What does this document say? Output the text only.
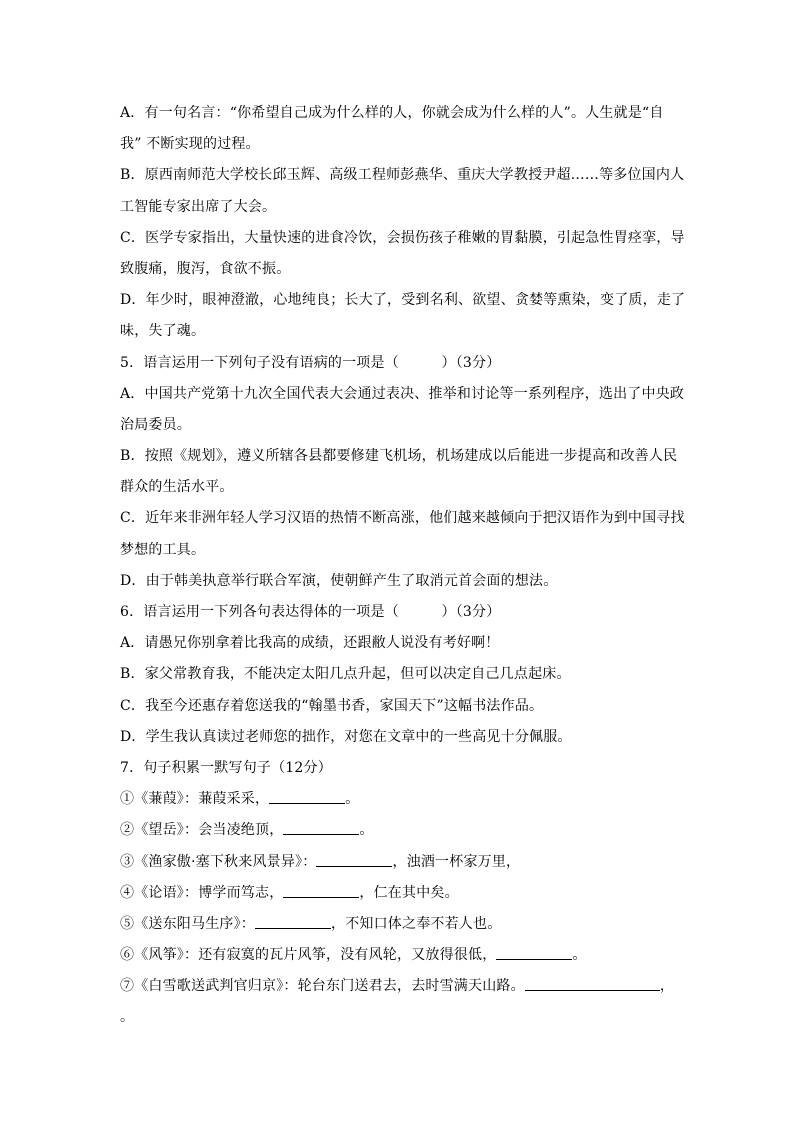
A．有一句名言：“你希望自己成为什么样的人，你就会成为什么样的人”。人生就是“自
我” 不断实现的过程。
B．原西南师范大学校长邱玉辉、高级工程师彭燕华、重庆大学教授尹超……等多位国内人
工智能专家出席了大会。
C．医学专家指出，大量快速的进食冷饮，会损伤孩子稚嫩的胃黏膜，引起急性胃痉挛，导
致腹痛，腹泻，食欲不振。
D．年少时，眼神澄澈，心地纯良；长大了，受到名利、欲望、贪婪等熏染，变了质，走了
味，失了魂。
5．语言运用一下列句子没有语病的一项是（　　　）（3分）
A．中国共产党第十九次全国代表大会通过表决、推举和讨论等一系列程序，选出了中央政
治局委员。
B．按照《规划》，遵义所辖各县都要修建飞机场，机场建成以后能进一步提高和改善人民
群众的生活水平。
C．近年来非洲年轻人学习汉语的热情不断高涨，他们越来越倾向于把汉语作为到中国寻找
梦想的工具。
D．由于韩美执意举行联合军演，使朝鲜产生了取消元首会面的想法。
6．语言运用一下列各句表达得体的一项是（　　　）（3分）
A．请愚兄你别拿着比我高的成绩，还跟敝人说没有考好啊！
B．家父常教育我，不能决定太阳几点升起，但可以决定自己几点起床。
C．我至今还惠存着您送我的“翰墨书香，家国天下”这幅书法作品。
D．学生我认真读过老师您的拙作，对您在文章中的一些高见十分佩服。
7．句子积累一默写句子（12分）
①《蒹葭》：蒹葭采采，	。
②《望岳》：会当凌绝顶，	。
③《渔家傲·塞下秋来风景异》：	，浊酒一杯家万里，
④《论语》：博学而笃志，	，仁在其中矣。
⑤《送东阳马生序》：	，不知口体之奉不若人也。
⑥《风筝》：还有寂寞的瓦片风筝，没有风轮，又放得很低，	。
⑦《白雪歌送武判官归京》：轮台东门送君去，去时雪满天山路。	，
。
